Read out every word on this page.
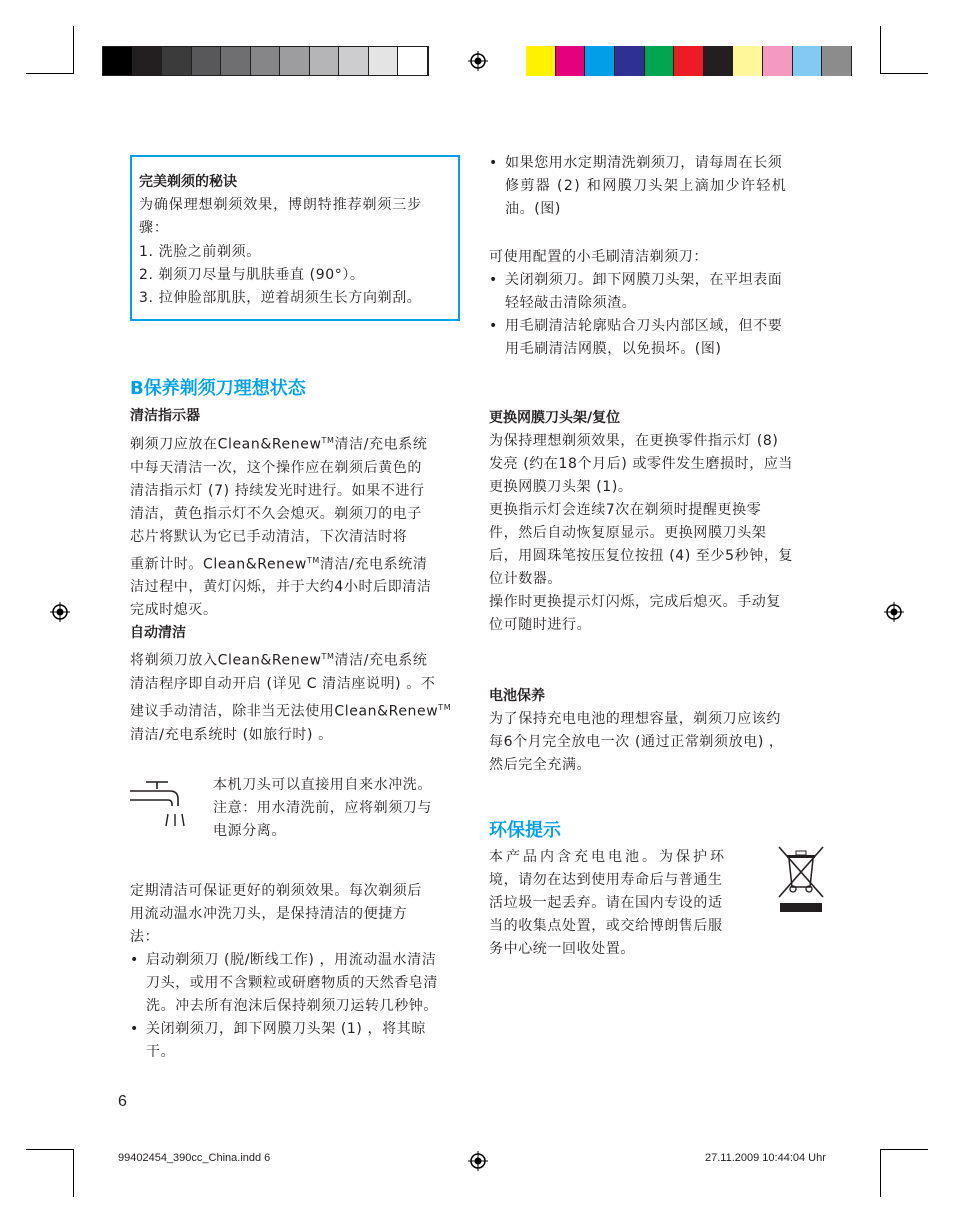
完美剃须的秘诀
为确保理想剃须效果，博朗特推荐剃须三步骤：
1. 洗脸之前剃须。
2. 剃须刀尽量与肌肤垂直 (90°）。
3. 拉伸脸部肌肤，逆着胡须生长方向剃刮。
B保养剃须刀理想状态
清洁指示器
剃须刀应放在Clean&Renew™清洁/充电系统
中每天清洁一次，这个操作应在剃须后黄色的
清洁指示灯 (7) 持续发光时进行。如果不进行
清洁，黄色指示灯不久会熄灭。剃须刀的电子
芯片将默认为它已手动清洁，下次清洁时将
重新计时。Clean&Renew™清洁/充电系统清
洁过程中，黄灯闪烁，并于大约4小时后即清洁
完成时熄灭。
自动清洁
将剃须刀放入Clean&Renew™清洁/充电系统
清洁程序即自动开启 (详见 C 清洁座说明) 。不
建议手动清洁，除非当无法使用Clean&Renew™
清洁/充电系统时 (如旅行时) 。
本机刀头可以直接用自来水冲洗。
注意：用水清洗前，应将剃须刀与
电源分离。
定期清洁可保证更好的剃须效果。每次剃须后
用流动温水冲洗刀头，是保持清洁的便捷方
法：
• 启动剃须刀 (脱/断线工作) ，用流动温水清洁
刀头，或用不含颗粒或研磨物质的天然香皂清
洗。冲去所有泡沫后保持剃须刀运转几秒钟。
• 关闭剃须刀，卸下网膜刀头架 (1) ，将其晾
干。
• 如果您用水定期清洗剃须刀，请每周在长须
修剪器 (2) 和网膜刀头架上滴加少许轻机
油。(图)
可使用配置的小毛刷清洁剃须刀：
• 关闭剃须刀。卸下网膜刀头架，在平坦表面
轻轻敲击清除须渣。
• 用毛刷清洁轮廓贴合刀头内部区域，但不要
用毛刷清洁网膜，以免损坏。(图)
更换网膜刀头架/复位
为保持理想剃须效果，在更换零件指示灯 (8)
发亮 (约在18个月后) 或零件发生磨损时，应当
更换网膜刀头架 (1)。
更换指示灯会连续7次在剃须时提醒更换零
件，然后自动恢复原显示。更换网膜刀头架
后，用圆珠笔按压复位按扭 (4) 至少5秒钟，复
位计数器。
操作时更换提示灯闪烁，完成后熄灭。手动复
位可随时进行。
电池保养
为了保持充电电池的理想容量，剃须刀应该约
每6个月完全放电一次 (通过正常剃须放电) ，
然后完全充满。
环保提示
本产品内含充电电池。为保护环
境，请勿在达到使用寿命后与普通生
活垃圾一起丢弃。请在国内专设的适
当的收集点处置，或交给博朗售后服
务中心统一回收处置。
6
99402454_390cc_China.indd 6	27.11.2009 10:44:04 Uhr
